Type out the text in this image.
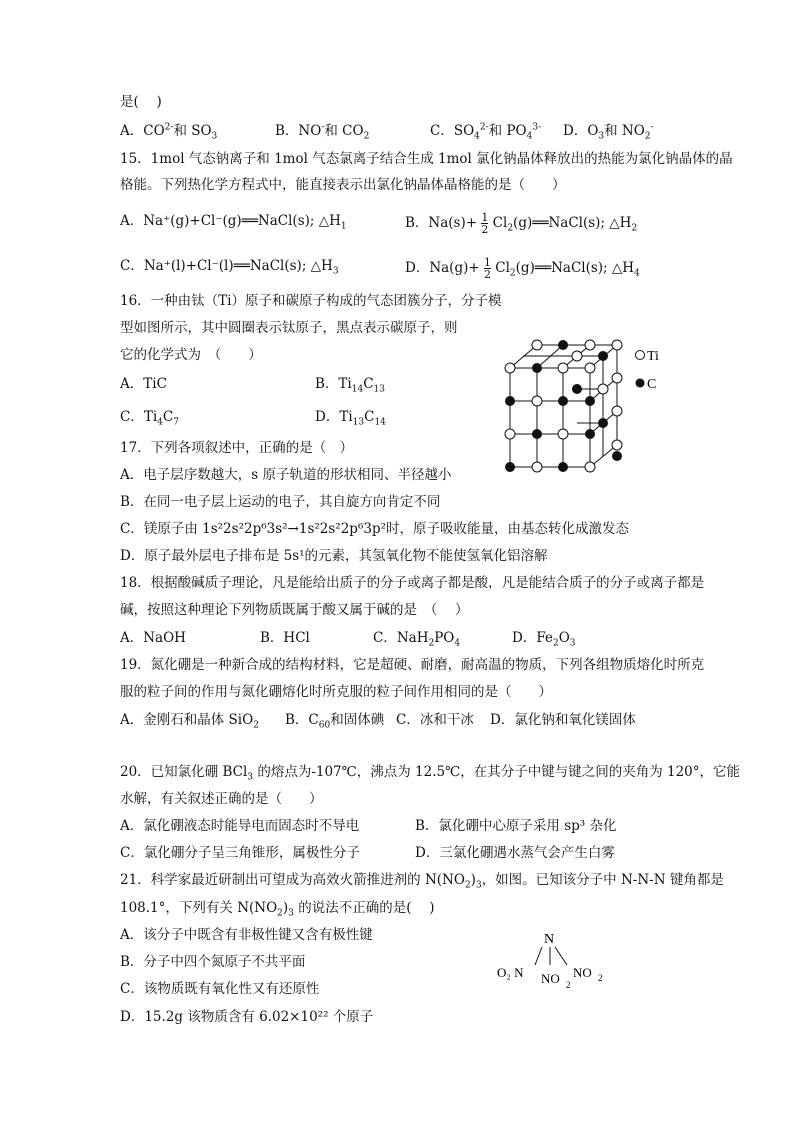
是(　 )
A．$CO^{2-}$和 $SO_3$	B．NO-和 $CO_2$	C．$SO_4^{2-}$和 $PO_4^{3-}$ D．$O_3$和 $NO_2^-$
15．1mol 气态钠离子和 1mol 气态氯离子结合生成 1mol 氯化钠晶体释放出的热能为氯化钠晶体的晶
格能。下列热化学方程式中，能直接表示出氯化钠晶体晶格能的是（　　）
A．Na⁺(g)+Cl⁻(g)══NaCl(s); $\triangle H_1$	B．$Na(s)+ \frac{1}{2}$ $Cl_2(g)══NaCl(s)$; $\triangle H_2$
C．Na⁺(l)+Cl⁻(l)══NaCl(s); $\triangle H_3$	D．$Na(g)+ \frac{1}{2}$ $Cl_2(g)══NaCl(s)$; $\triangle H_4$
16．一种由钛（Ti）原子和碳原子构成的气态团簇分子，分子模
型如图所示，其中圆圈表示钛原子，黑点表示碳原子，则
它的化学式为　（　　）
A．TiC	B．$Ti_{14}C_{13}$
C．$Ti_4C_7$	D．$Ti_{13}C_{14}$
Ti
C
17．下列各项叙述中，正确的是（　）
A．电子层序数越大，s 原子轨道的形状相同、半径越小
B．在同一电子层上运动的电子，其自旋方向肯定不同
C．镁原子由 1s²2s²2p⁶3s²→1s²2s²2p⁶3p²时，原子吸收能量，由基态转化成激发态
D．原子最外层电子排布是 5s¹的元素，其氢氧化物不能使氢氧化铝溶解
18．根据酸碱质子理论，凡是能给出质子的分子或离子都是酸，凡是能结合质子的分子或离子都是
碱，按照这种理论下列物质既属于酸又属于碱的是　（　 ）
A．NaOH	B．HCl	C．$NaH_2PO_4$	D．$Fe_2O_3$
19．氮化硼是一种新合成的结构材料，它是超硬、耐磨，耐高温的物质，下列各组物质熔化时所克
服的粒子间的作用与氮化硼熔化时所克服的粒子间作用相同的是（　　）
A．金刚石和晶体 SiO$_2$ B．$C_{60}$和固体碘 C．冰和干冰 D．氯化钠和氧化镁固体
20．已知氯化硼 BCl$_3$ 的熔点为-107℃，沸点为 12.5℃，在其分子中键与键之间的夹角为 120°，它能
水解，有关叙述正确的是（　　）
A．氯化硼液态时能导电而固态时不导电	B．氯化硼中心原子采用 sp³ 杂化
C．氯化硼分子呈三角锥形，属极性分子	D．三氯化硼遇水蒸气会产生白雾
21．科学家最近研制出可望成为高效火箭推进剂的 $N(NO_2)_3$，如图。已知该分子中 N-N-N 键角都是
108.1°，下列有关 $N(NO_2)_3$ 的说法不正确的是(　 )
A．该分子中既含有非极性键又含有极性键
B．分子中四个氮原子不共平面
C．该物质既有氧化性又有还原性
D．15.2g 该物质含有 6.02×10²² 个原子
N
O₂ N NO 2
NO 2
